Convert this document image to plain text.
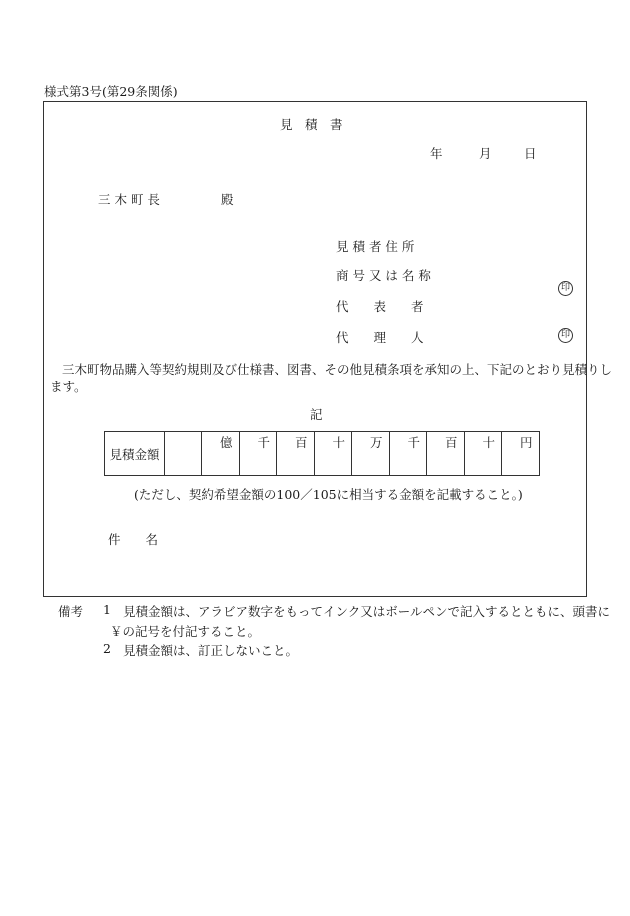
様式第3号(第29条関係)
見　積　書
年	月	日
三 木 町 長	殿
見 積 者 住 所
商 号 又 は 名 称
代　　表　　者
代　　理　　人
印
印
三木町物品購入等契約規則及び仕様書、図書、その他見積条項を承知の上、下記のとおり見積りし
ます。
記
見積金額		億	千	百	十	万	千	百	十	円
(ただし、契約希望金額の100／105に相当する金額を記載すること。)
件　　名
備考 1 見積金額は、アラビア数字をもってインク又はボールペンで記入するとともに、頭書に
￥の記号を付記すること。
2 見積金額は、訂正しないこと。
